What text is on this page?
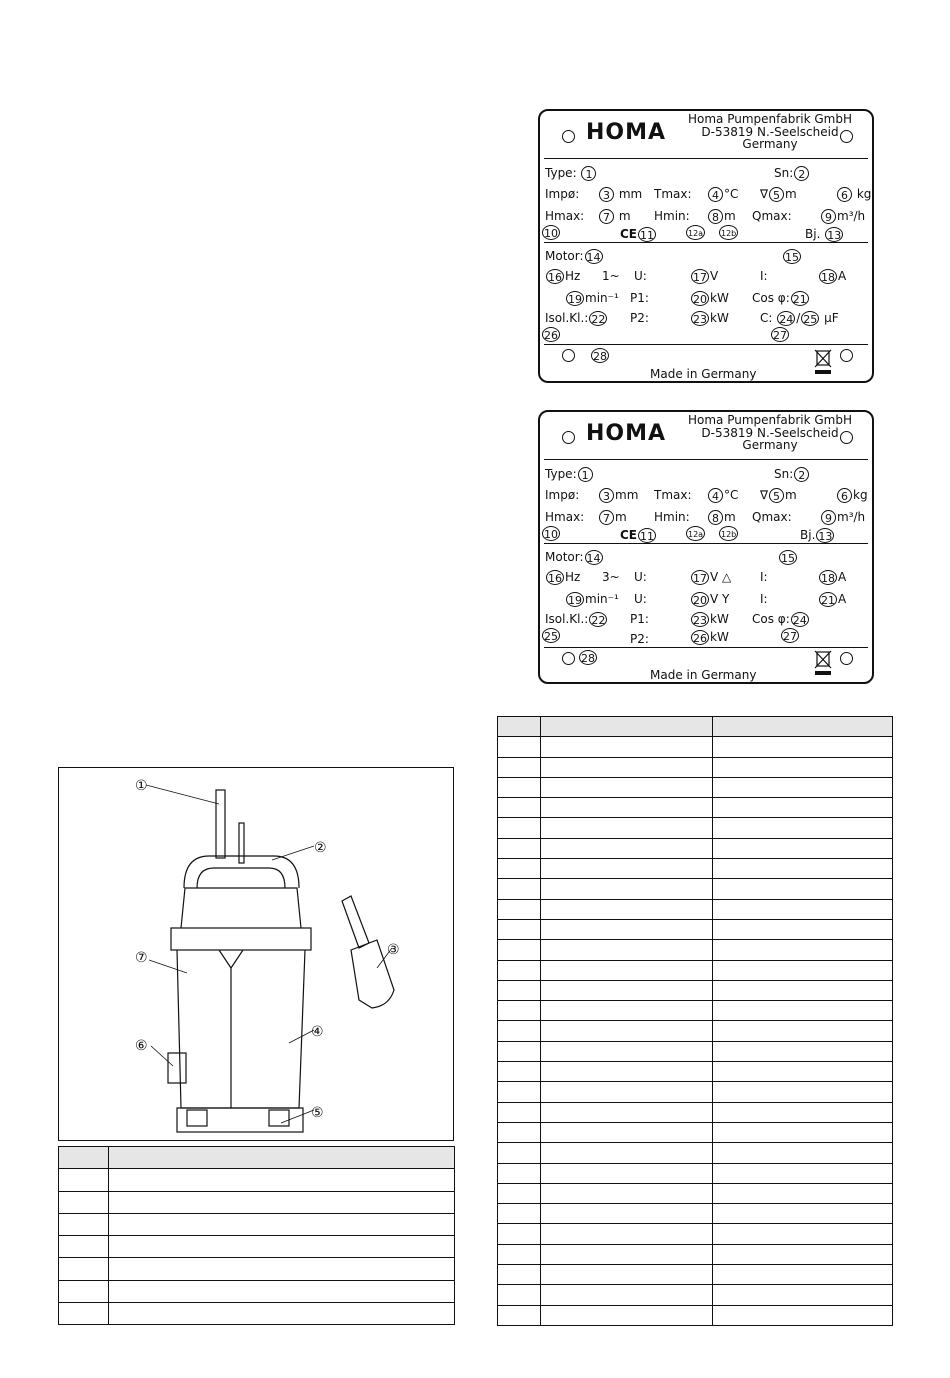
HOMA
Homa Pumpenfabrik GmbH
D-53819 N.-Seelscheid
Germany
Type: 1	Sn: 2
Impø:	3 mm Tmax:	4 °C ∇ 5 m	6 kg
Hmax:	7 m Hmin:	8 m Qmax:	9 m³/h
10	CE 11	12a	12b	Bj. 13
Motor: 14	15
16 Hz 1~ U:	17 V	I:	18 A
19 min⁻¹ P1:	20 kW Cos φ: 21
Isol.Kl.: 22 P2:	23 kW	C: 24 / 25 µF
26	27
28
Made in Germany
HOMA
Homa Pumpenfabrik GmbH
D-53819 N.-Seelscheid
Germany
Type: 1	Sn: 2
Impø:	3 mm Tmax:	4 °C ∇ 5 m	6 kg
Hmax:	7 m Hmin:	8 m Qmax:	9 m³/h
10	CE 11	12a	12b	Bj. 13
Motor: 14	15
16 Hz 3~ U:	17 V △ I:	18 A
19 min⁻¹ U:	20 V Y	I:	21 A
Isol.Kl.: 22 P1:	23 kW Cos φ: 24
25	P2:	26 kW	27
28
Made in Germany
①
②
③
④
⑤
⑥
⑦
